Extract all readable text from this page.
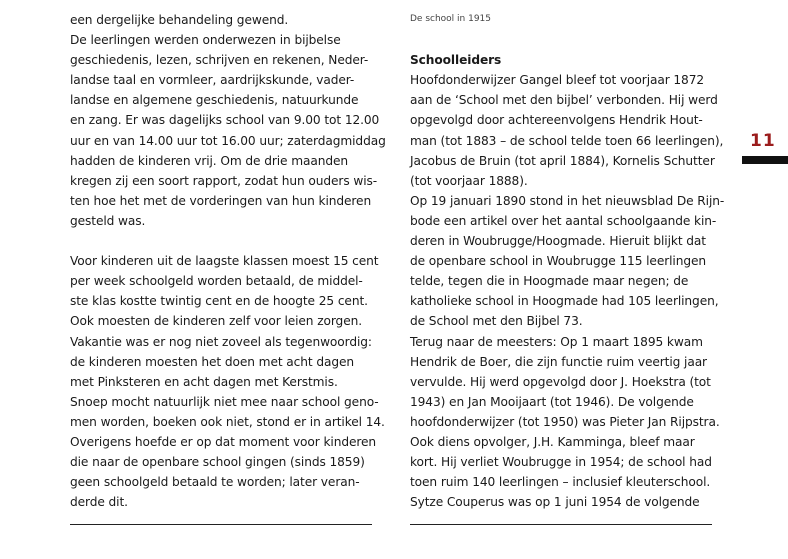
een dergelijke behandeling gewend.
De leerlingen werden onderwezen in bijbelse
geschiedenis, lezen, schrijven en rekenen, Neder-
landse taal en vormleer, aardrijkskunde, vader-
landse en algemene geschiedenis, natuurkunde
en zang. Er was dagelijks school van 9.00 tot 12.00
uur en van 14.00 uur tot 16.00 uur; zaterdagmiddag
hadden de kinderen vrij. Om de drie maanden
kregen zij een soort rapport, zodat hun ouders wis-
ten hoe het met de vorderingen van hun kinderen
gesteld was.
Voor kinderen uit de laagste klassen moest 15 cent
per week schoolgeld worden betaald, de middel-
ste klas kostte twintig cent en de hoogte 25 cent.
Ook moesten de kinderen zelf voor leien zorgen.
Vakantie was er nog niet zoveel als tegenwoordig:
de kinderen moesten het doen met acht dagen
met Pinksteren en acht dagen met Kerstmis.
Snoep mocht natuurlijk niet mee naar school geno-
men worden, boeken ook niet, stond er in artikel 14.
Overigens hoefde er op dat moment voor kinderen
die naar de openbare school gingen (sinds 1859)
geen schoolgeld betaald te worden; later veran-
derde dit.
De school in 1915
Schoolleiders
Hoofdonderwijzer Gangel bleef tot voorjaar 1872
aan de ‘School met den bijbel’ verbonden. Hij werd
opgevolgd door achtereenvolgens Hendrik Hout-
man (tot 1883 – de school telde toen 66 leerlingen),
Jacobus de Bruin (tot april 1884), Kornelis Schutter
(tot voorjaar 1888).
Op 19 januari 1890 stond in het nieuwsblad De Rijn-
bode een artikel over het aantal schoolgaande kin-
deren in Woubrugge/Hoogmade. Hieruit blijkt dat
de openbare school in Woubrugge 115 leerlingen
telde, tegen die in Hoogmade maar negen; de
katholieke school in Hoogmade had 105 leerlingen,
de School met den Bijbel 73.
Terug naar de meesters: Op 1 maart 1895 kwam
Hendrik de Boer, die zijn functie ruim veertig jaar
vervulde. Hij werd opgevolgd door J. Hoekstra (tot
1943) en Jan Mooijaart (tot 1946). De volgende
hoofdonderwijzer (tot 1950) was Pieter Jan Rijpstra.
Ook diens opvolger, J.H. Kamminga, bleef maar
kort. Hij verliet Woubrugge in 1954; de school had
toen ruim 140 leerlingen – inclusief kleuterschool.
Sytze Couperus was op 1 juni 1954 de volgende
11
